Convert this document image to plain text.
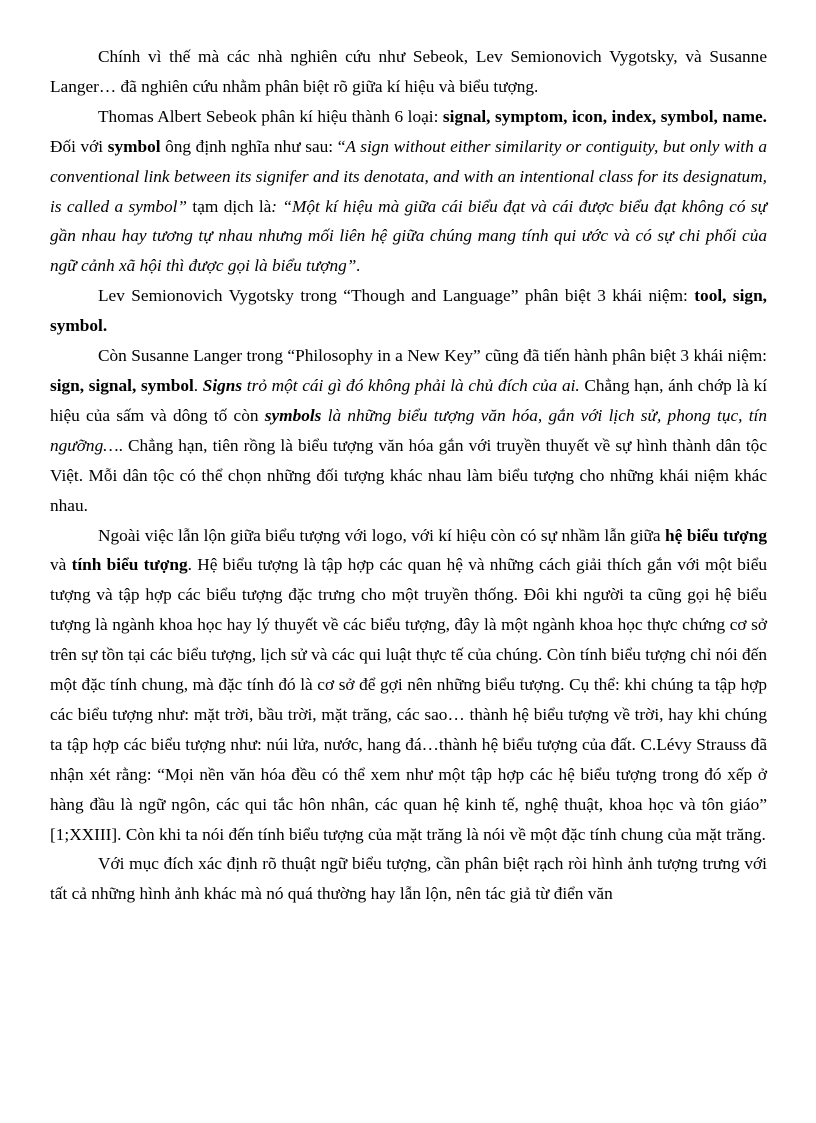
Chính vì thế mà các nhà nghiên cứu như Sebeok, Lev Semionovich Vygotsky, và Susanne Langer… đã nghiên cứu nhằm phân biệt rõ giữa kí hiệu và biểu tượng.

Thomas Albert Sebeok phân kí hiệu thành 6 loại: signal, symptom, icon, index, symbol, name. Đối với symbol ông định nghĩa như sau: “A sign without either similarity or contiguity, but only with a conventional link between its signifer and its denotata, and with an intentional class for its designatum, is called a symbol” tạm dịch là: “Một kí hiệu mà giữa cái biểu đạt và cái được biểu đạt không có sự gần nhau hay tương tự nhau nhưng mối liên hệ giữa chúng mang tính qui ước và có sự chi phối của ngữ cảnh xã hội thì được gọi là biểu tượng”.

Lev Semionovich Vygotsky trong “Though and Language” phân biệt 3 khái niệm: tool, sign, symbol.

Còn Susanne Langer trong “Philosophy in a New Key” cũng đã tiến hành phân biệt 3 khái niệm: sign, signal, symbol. Signs trỏ một cái gì đó không phải là chủ đích của ai. Chẳng hạn, ánh chớp là kí hiệu của sấm và dông tố còn symbols là những biểu tượng văn hóa, gắn với lịch sử, phong tục, tín ngưỡng…. Chẳng hạn, tiên rồng là biểu tượng văn hóa gắn với truyền thuyết về sự hình thành dân tộc Việt. Mỗi dân tộc có thể chọn những đối tượng khác nhau làm biểu tượng cho những khái niệm khác nhau.

Ngoài việc lẫn lộn giữa biểu tượng với logo, với kí hiệu còn có sự nhầm lẫn giữa hệ biểu tượng và tính biểu tượng. Hệ biểu tượng là tập hợp các quan hệ và những cách giải thích gắn với một biểu tượng và tập hợp các biểu tượng đặc trưng cho một truyền thống. Đôi khi người ta cũng gọi hệ biểu tượng là ngành khoa học hay lý thuyết về các biểu tượng, đây là một ngành khoa học thực chứng cơ sở trên sự tồn tại các biểu tượng, lịch sử và các qui luật thực tế của chúng. Còn tính biểu tượng chỉ nói đến một đặc tính chung, mà đặc tính đó là cơ sở để gợi nên những biểu tượng. Cụ thể: khi chúng ta tập hợp các biểu tượng như: mặt trời, bầu trời, mặt trăng, các sao… thành hệ biểu tượng về trời, hay khi chúng ta tập hợp các biểu tượng như: núi lửa, nước, hang đá…thành hệ biểu tượng của đất. C.Lévy Strauss đã nhận xét rằng: “Mọi nền văn hóa đều có thể xem như một tập hợp các hệ biểu tượng trong đó xếp ở hàng đầu là ngữ ngôn, các qui tắc hôn nhân, các quan hệ kinh tế, nghệ thuật, khoa học và tôn giáo” [1;XXIII]. Còn khi ta nói đến tính biểu tượng của mặt trăng là nói về một đặc tính chung của mặt trăng.

Với mục đích xác định rõ thuật ngữ biểu tượng, cần phân biệt rạch ròi hình ảnh tượng trưng với tất cả những hình ảnh khác mà nó quá thường hay lẫn lộn, nên tác giả từ điển văn
